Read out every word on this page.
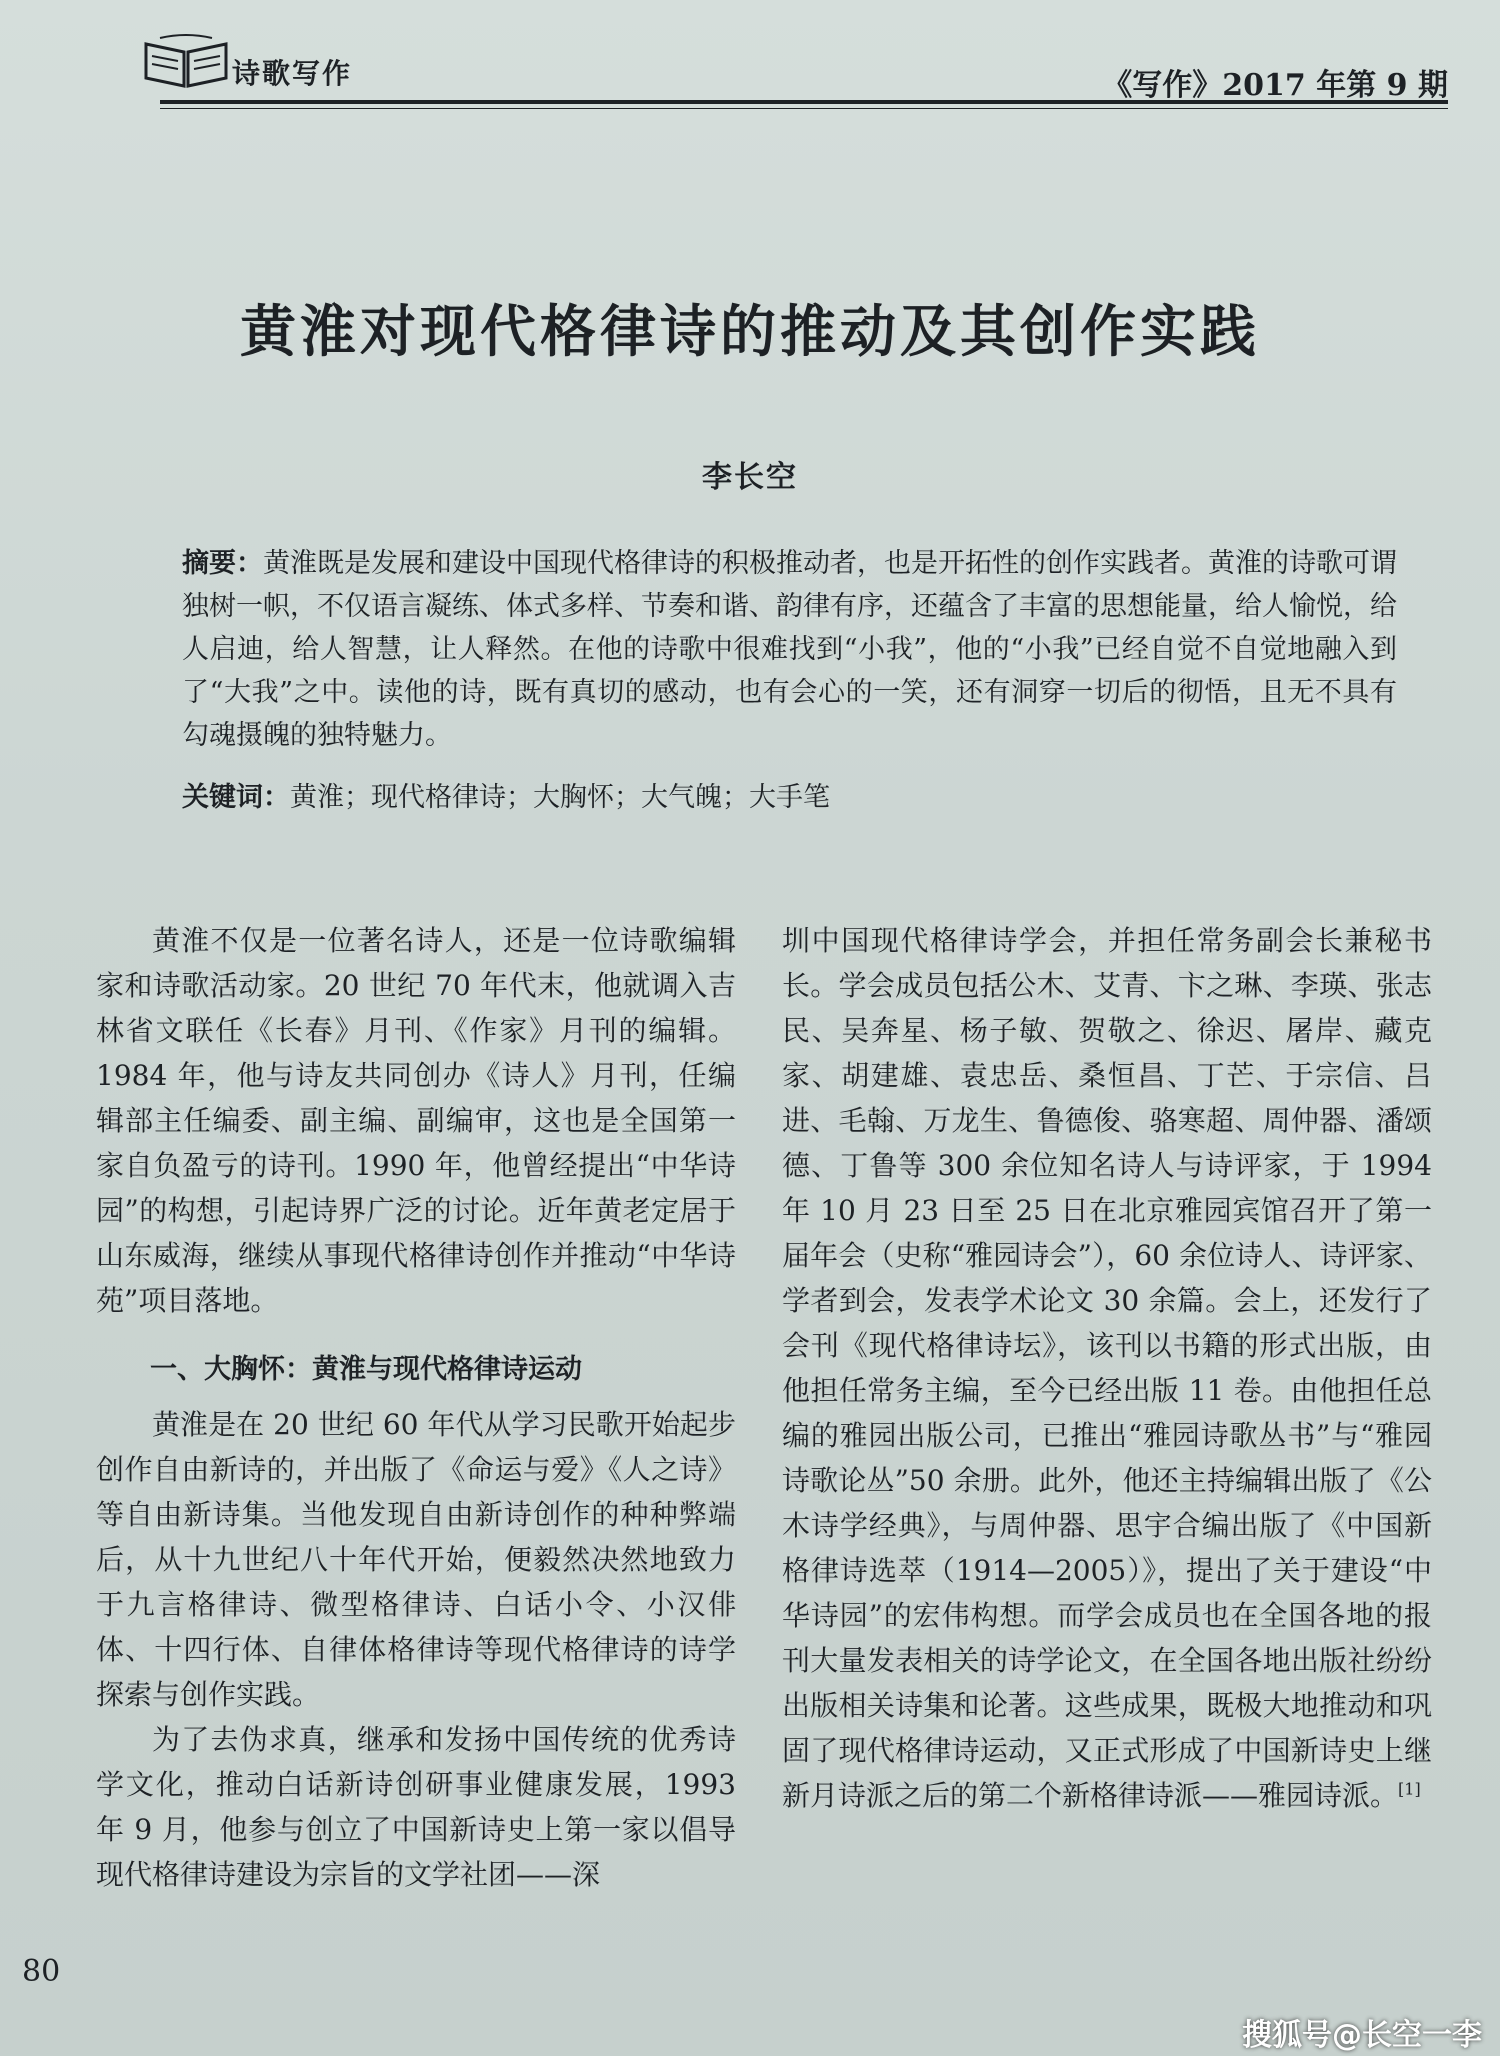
诗歌写作	《写作》2017 年第 9 期
黄淮对现代格律诗的推动及其创作实践
李长空
摘要：黄淮既是发展和建设中国现代格律诗的积极推动者，也是开拓性的创作实践者。黄淮的诗歌可谓独树一帜，不仅语言凝练、体式多样、节奏和谐、韵律有序，还蕴含了丰富的思想能量，给人愉悦，给人启迪，给人智慧，让人释然。在他的诗歌中很难找到“小我”，他的“小我”已经自觉不自觉地融入到了“大我”之中。读他的诗，既有真切的感动，也有会心的一笑，还有洞穿一切后的彻悟，且无不具有勾魂摄魄的独特魅力。
关键词：黄淮；现代格律诗；大胸怀；大气魄；大手笔

黄淮不仅是一位著名诗人，还是一位诗歌编辑家和诗歌活动家。20 世纪 70 年代末，他就调入吉林省文联任《长春》月刊、《作家》月刊的编辑。1984 年，他与诗友共同创办《诗人》月刊，任编辑部主任编委、副主编、副编审，这也是全国第一家自负盈亏的诗刊。1990 年，他曾经提出“中华诗园”的构想，引起诗界广泛的讨论。近年黄老定居于山东威海，继续从事现代格律诗创作并推动“中华诗苑”项目落地。

一、大胸怀：黄淮与现代格律诗运动

黄淮是在 20 世纪 60 年代从学习民歌开始起步创作自由新诗的，并出版了《命运与爱》《人之诗》等自由新诗集。当他发现自由新诗创作的种种弊端后，从十九世纪八十年代开始，便毅然决然地致力于九言格律诗、微型格律诗、白话小令、小汉俳体、十四行体、自律体格律诗等现代格律诗的诗学探索与创作实践。

为了去伪求真，继承和发扬中国传统的优秀诗学文化，推动白话新诗创研事业健康发展，1993 年 9 月，他参与创立了中国新诗史上第一家以倡导现代格律诗建设为宗旨的文学社团——深

圳中国现代格律诗学会，并担任常务副会长兼秘书长。学会成员包括公木、艾青、卞之琳、李瑛、张志民、吴奔星、杨子敏、贺敬之、徐迟、屠岸、藏克家、胡建雄、袁忠岳、桑恒昌、丁芒、于宗信、吕进、毛翰、万龙生、鲁德俊、骆寒超、周仲器、潘颂德、丁鲁等 300 余位知名诗人与诗评家，于 1994 年 10 月 23 日至 25 日在北京雅园宾馆召开了第一届年会（史称“雅园诗会”），60 余位诗人、诗评家、学者到会，发表学术论文 30 余篇。会上，还发行了会刊《现代格律诗坛》，该刊以书籍的形式出版，由他担任常务主编，至今已经出版 11 卷。由他担任总编的雅园出版公司，已推出“雅园诗歌丛书”与“雅园诗歌论丛”50 余册。此外，他还主持编辑出版了《公木诗学经典》，与周仲器、思宇合编出版了《中国新格律诗选萃（1914—2005）》，提出了关于建设“中华诗园”的宏伟构想。而学会成员也在全国各地的报刊大量发表相关的诗学论文，在全国各地出版社纷纷出版相关诗集和论著。这些成果，既极大地推动和巩固了现代格律诗运动，又正式形成了中国新诗史上继新月诗派之后的第二个新格律诗派——雅园诗派。[1]

80
搜狐号@长空一李
